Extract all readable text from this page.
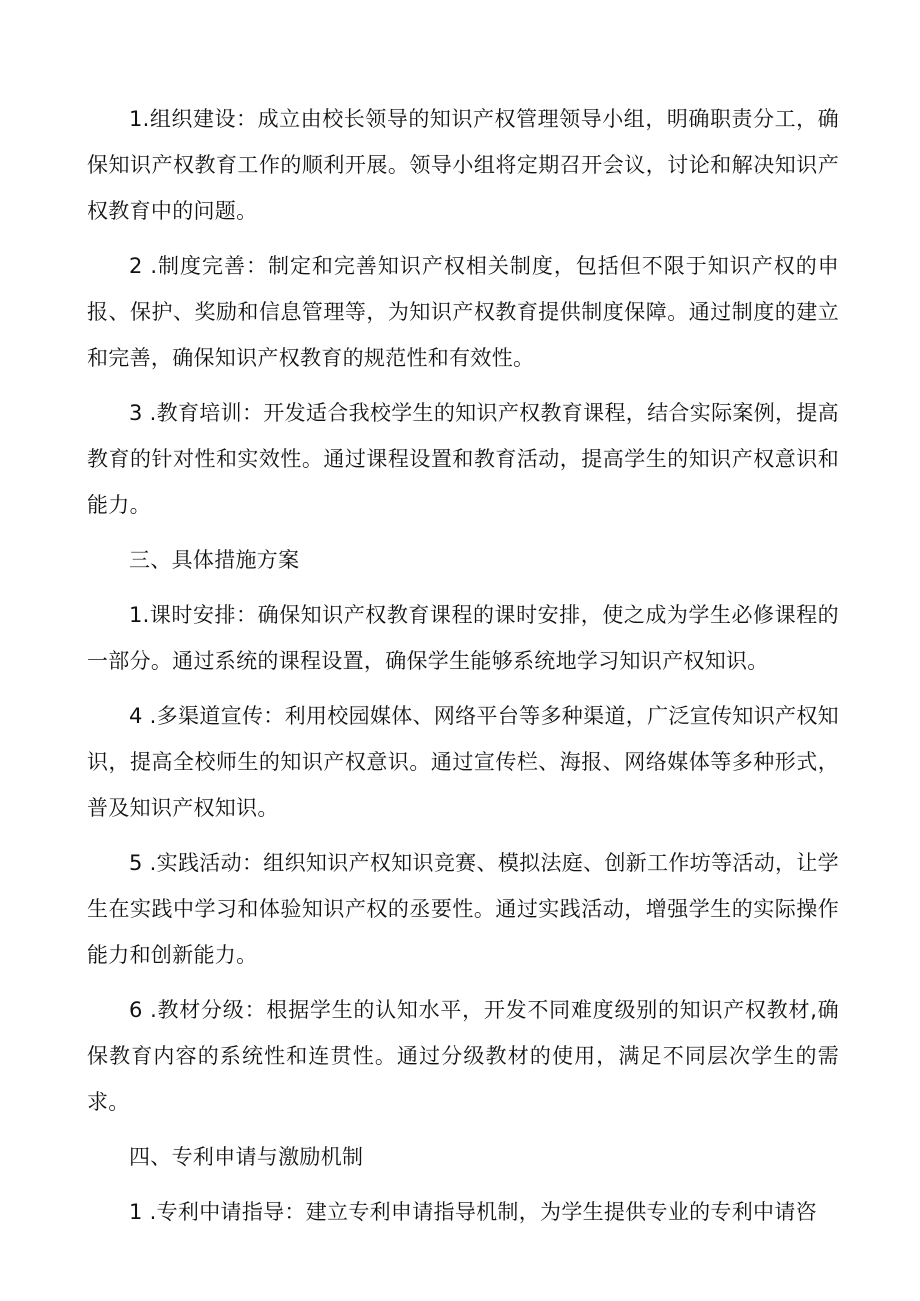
1.组织建设：成立由校长领导的知识产权管理领导小组，明确职责分工，确保知识产权教育工作的顺利开展。领导小组将定期召开会议，讨论和解决知识产权教育中的问题。

2 .制度完善：制定和完善知识产权相关制度，包括但不限于知识产权的申报、保护、奖励和信息管理等，为知识产权教育提供制度保障。通过制度的建立和完善，确保知识产权教育的规范性和有效性。

3 .教育培训：开发适合我校学生的知识产权教育课程，结合实际案例，提高教育的针对性和实效性。通过课程设置和教育活动，提高学生的知识产权意识和能力。

三、具体措施方案

1.课时安排：确保知识产权教育课程的课时安排，使之成为学生必修课程的一部分。通过系统的课程设置，确保学生能够系统地学习知识产权知识。

4 .多渠道宣传：利用校园媒体、网络平台等多种渠道，广泛宣传知识产权知识，提高全校师生的知识产权意识。通过宣传栏、海报、网络媒体等多种形式，普及知识产权知识。

5 .实践活动：组织知识产权知识竞赛、模拟法庭、创新工作坊等活动，让学生在实践中学习和体验知识产权的丞要性。通过实践活动，增强学生的实际操作能力和创新能力。

6 .教材分级：根据学生的认知水平，开发不同难度级别的知识产权教材,确保教育内容的系统性和连贯性。通过分级教材的使用，满足不同层次学生的需求。

四、专利申请与激励机制

1 .专利中请指导：建立专利申请指导机制，为学生提供专业的专利中请咨
